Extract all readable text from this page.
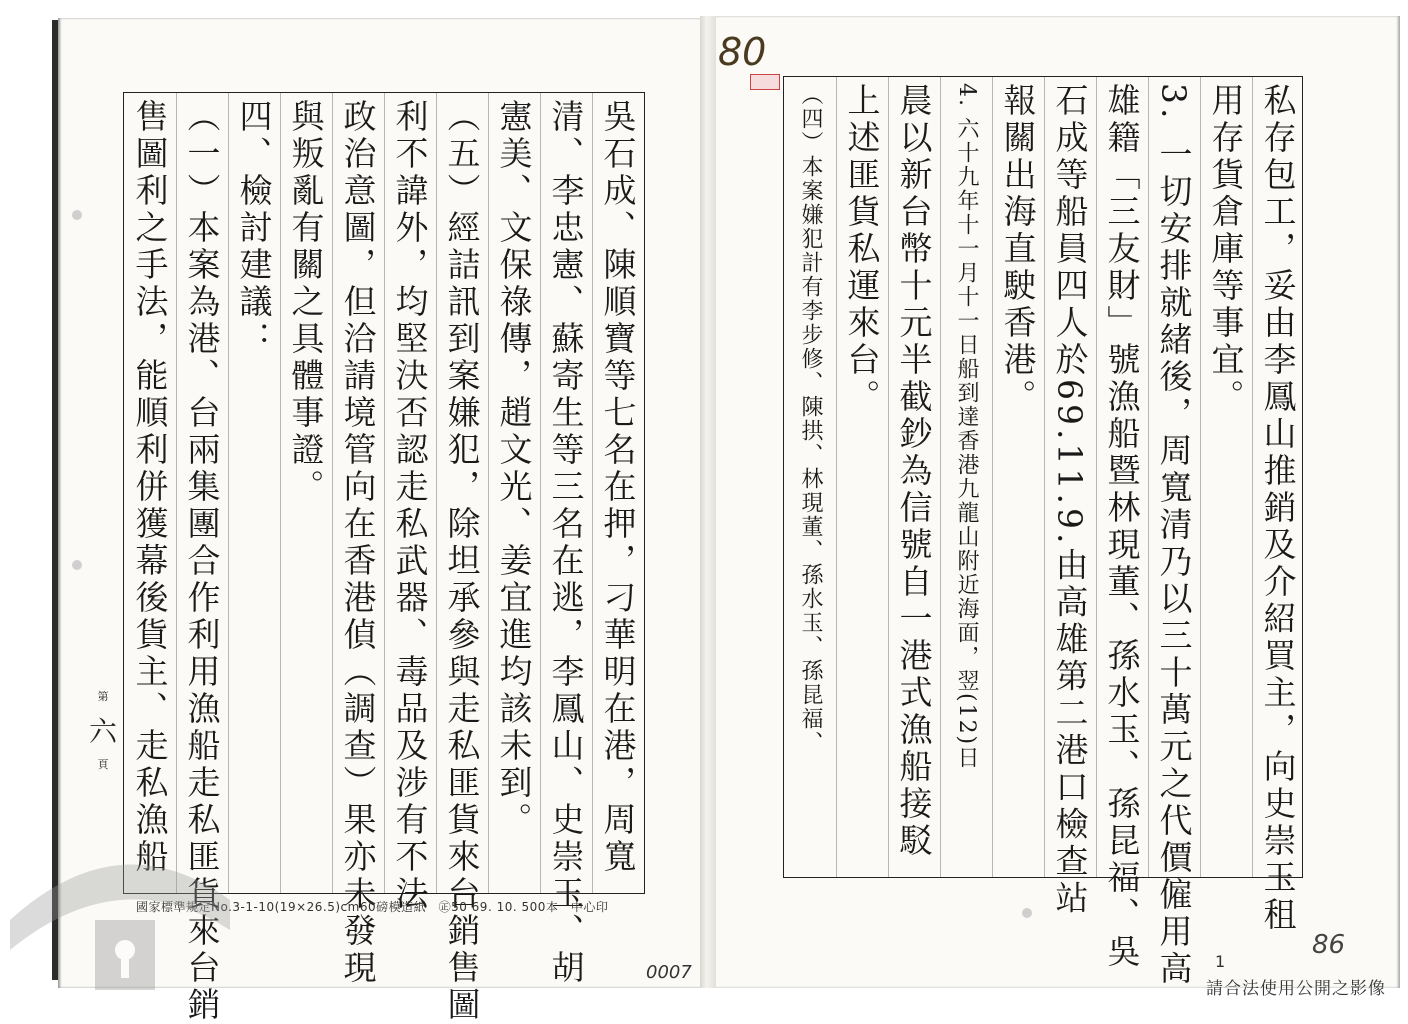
吳石成、陳順寶等七名在押，刁華明在港，周寬
清、李忠憲、蘇寄生等三名在逃，李鳳山、史崇玉、胡
憲美、文保祿傳，趙文光、姜宜進均該未到。
（五）經詰訊到案嫌犯，除坦承參與走私匪貨來台銷售圖
利不諱外，均堅決否認走私武器、毒品及涉有不法
政治意圖，但洽請境管向在香港偵（調查）果亦未發現
與叛亂有關之具體事證。
四、檢討建議：
（一）本案為港、台兩集團合作利用漁船走私匪貨來台銷
售圖利之手法，能順利併獲幕後貨主、走私漁船
國家標準規定No.3-1-10(19×26.5)cm60磅模造紙　㊣50 69. 10. 500本　中心印
第
六
頁
0007
私存包工，妥由李鳳山推銷及介紹買主，向史崇玉租
用存貨倉庫等事宜。
3. 一切安排就緒後，周寬清乃以三十萬元之代價僱用高
雄籍「三友財」號漁船暨林現董、孫水玉、孫昆福、吳
石成等船員四人於69.11.9.由高雄第二港口檢查站
報關出海直駛香港。
4. 六十九年十一月十一日船到達香港九龍山附近海面，翌(12)日
晨以新台幣十元半截鈔為信號自一港式漁船接駁
上述匪貨私運來台。
（四）本案嫌犯計有李步修、陳拱、林現董、孫水玉、孫昆福、
80
86
1
請合法使用公開之影像
